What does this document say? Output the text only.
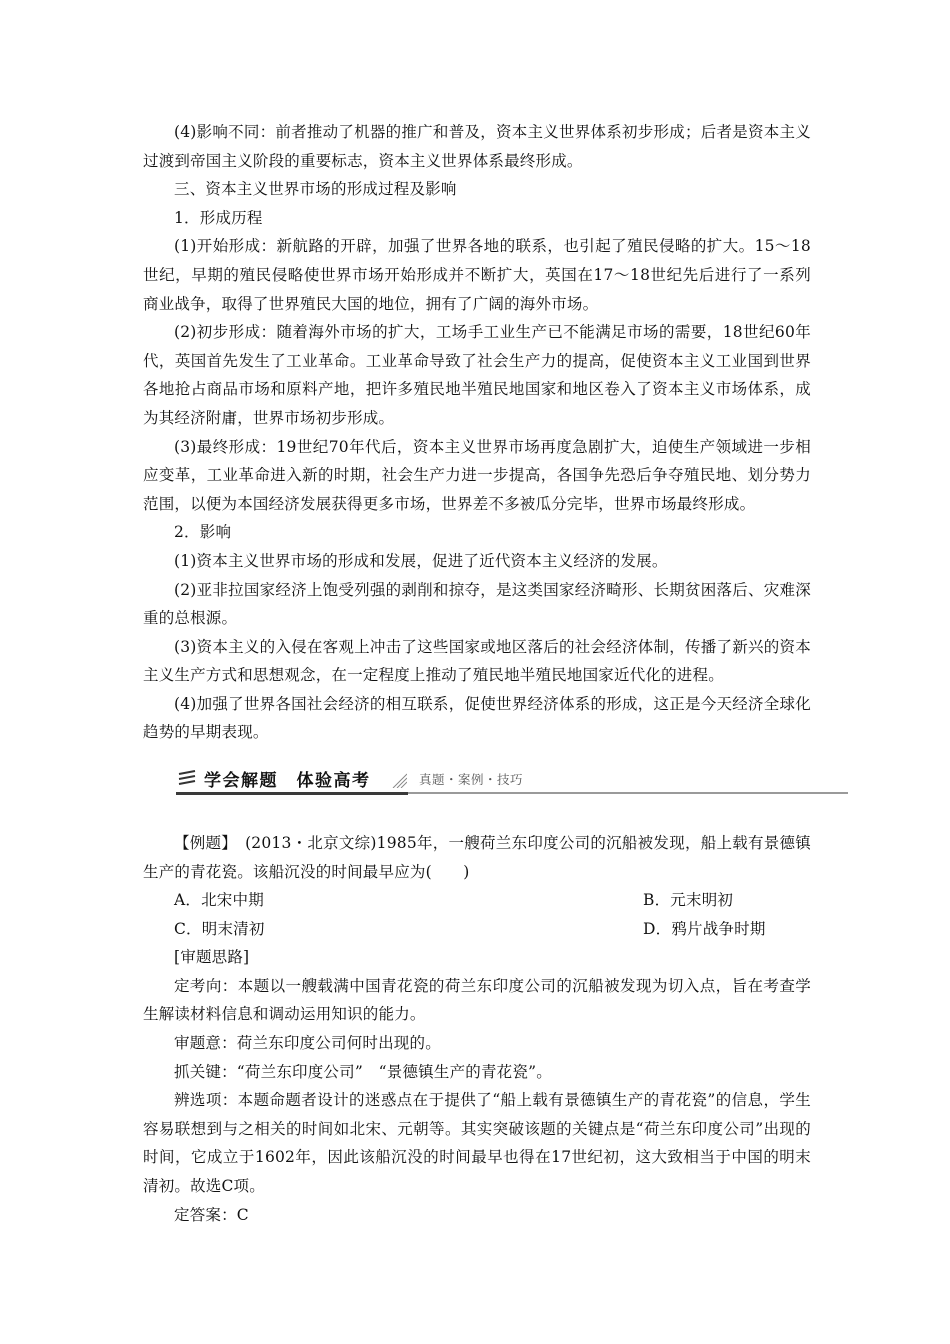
(4)影响不同：前者推动了机器的推广和普及，资本主义世界体系初步形成；后者是资本主义过渡到帝国主义阶段的重要标志，资本主义世界体系最终形成。

三、资本主义世界市场的形成过程及影响

1．形成历程

(1)开始形成：新航路的开辟，加强了世界各地的联系，也引起了殖民侵略的扩大。15～18世纪，早期的殖民侵略使世界市场开始形成并不断扩大，英国在17～18世纪先后进行了一系列商业战争，取得了世界殖民大国的地位，拥有了广阔的海外市场。

(2)初步形成：随着海外市场的扩大，工场手工业生产已不能满足市场的需要，18世纪60年代，英国首先发生了工业革命。工业革命导致了社会生产力的提高，促使资本主义工业国到世界各地抢占商品市场和原料产地，把许多殖民地半殖民地国家和地区卷入了资本主义市场体系，成为其经济附庸，世界市场初步形成。

(3)最终形成：19世纪70年代后，资本主义世界市场再度急剧扩大，迫使生产领域进一步相应变革，工业革命进入新的时期，社会生产力进一步提高，各国争先恐后争夺殖民地、划分势力范围，以便为本国经济发展获得更多市场，世界差不多被瓜分完毕，世界市场最终形成。

2．影响

(1)资本主义世界市场的形成和发展，促进了近代资本主义经济的发展。

(2)亚非拉国家经济上饱受列强的剥削和掠夺，是这类国家经济畸形、长期贫困落后、灾难深重的总根源。

(3)资本主义的入侵在客观上冲击了这些国家或地区落后的社会经济体制，传播了新兴的资本主义生产方式和思想观念，在一定程度上推动了殖民地半殖民地国家近代化的进程。

(4)加强了世界各国社会经济的相互联系，促使世界经济体系的形成，这正是今天经济全球化趋势的早期表现。

学会解题　体验高考	真题・案例・技巧

【例题】　(2013・北京文综)1985年，一艘荷兰东印度公司的沉船被发现，船上载有景德镇生产的青花瓷。该船沉没的时间最早应为(　　)

A．北宋中期	B．元末明初
C．明末清初	D．鸦片战争时期

[审题思路]

定考向：本题以一艘载满中国青花瓷的荷兰东印度公司的沉船被发现为切入点，旨在考查学生解读材料信息和调动运用知识的能力。

审题意：荷兰东印度公司何时出现的。

抓关键：“荷兰东印度公司”　“景德镇生产的青花瓷”。

辨选项：本题命题者设计的迷惑点在于提供了“船上载有景德镇生产的青花瓷”的信息，学生容易联想到与之相关的时间如北宋、元朝等。其实突破该题的关键点是“荷兰东印度公司”出现的时间，它成立于1602年，因此该船沉没的时间最早也得在17世纪初，这大致相当于中国的明末清初。故选C项。

定答案：C
